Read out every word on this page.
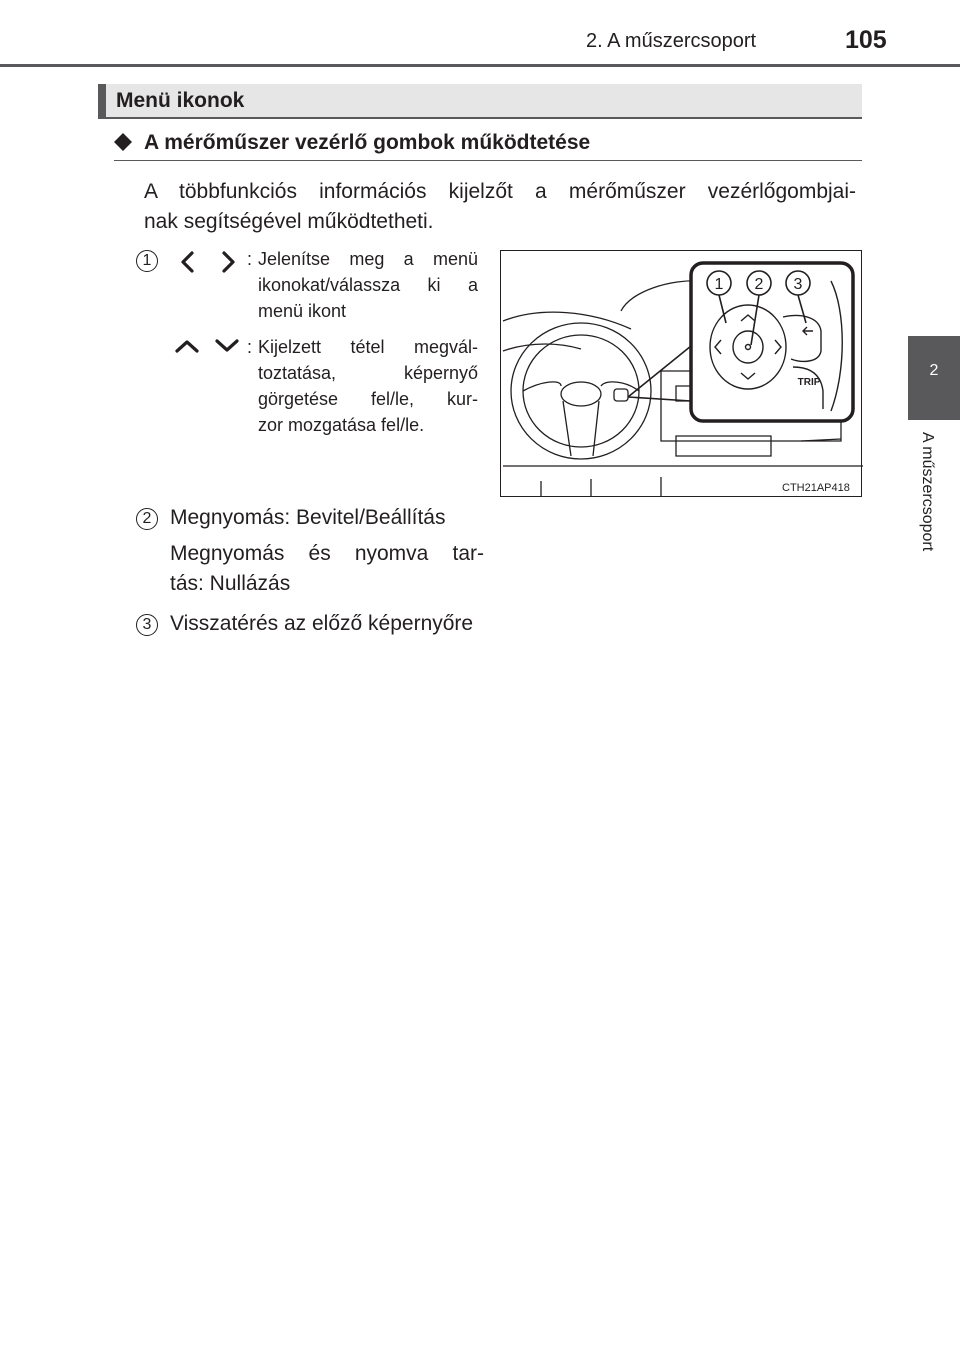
2. A műszercsoport	105
2
A műszercsoport
Menü ikonok
A mérőműszer vezérlő gombok működtetése
A többfunkciós információs kijelzőt a mérőműszer vezérlőgombjai-
nak segítségével működtetheti.
1	: Jelenítse meg a menü
ikonokat/válassza ki a
menü ikont
: Kijelzett tétel megvál-
toztatása, képernyő
görgetése fel/le, kur-
zor mozgatása fel/le.
1 2 3
TRIP
CTH21AP418
2 Megnyomás: Bevitel/Beállítás
Megnyomás és nyomva tar-
tás: Nullázás
3 Visszatérés az előző képernyőre
